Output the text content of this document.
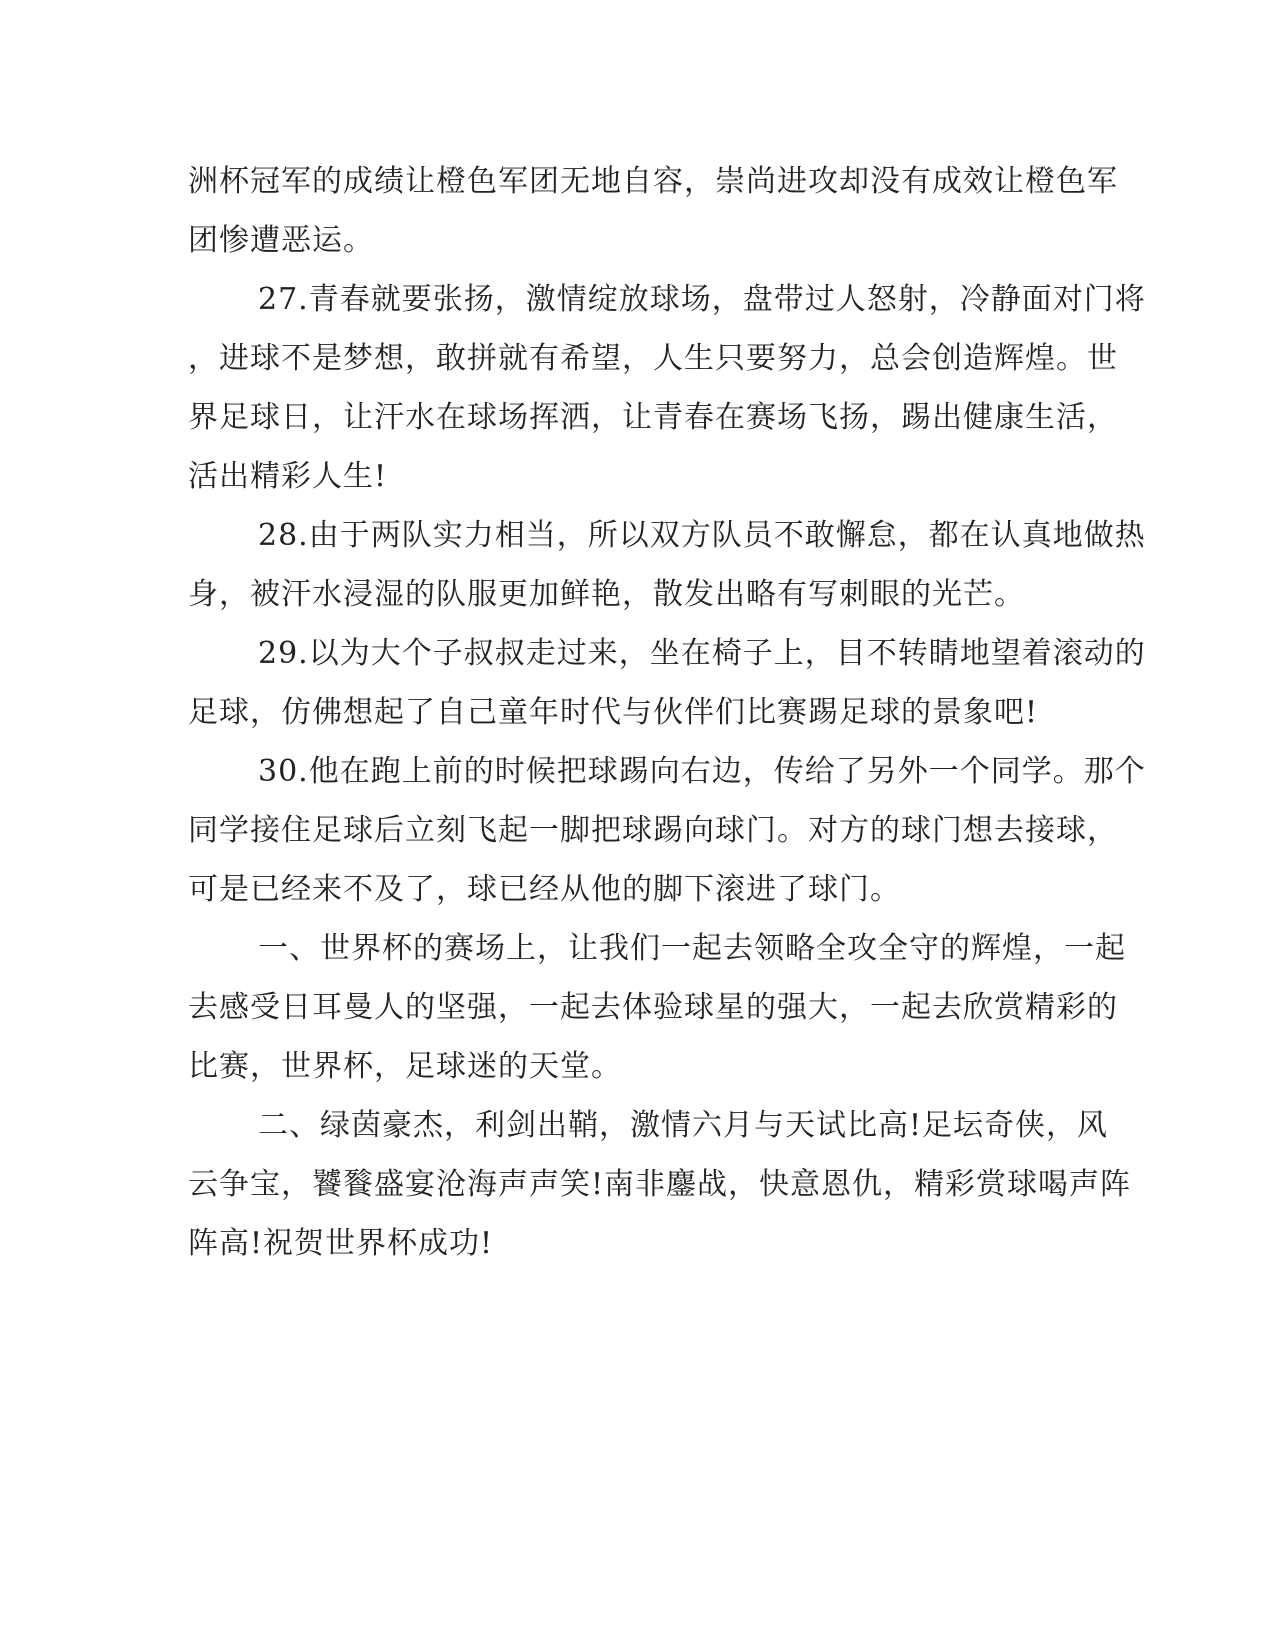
洲杯冠军的成绩让橙色军团无地自容，崇尚进攻却没有成效让橙色军
团惨遭恶运。
27.青春就要张扬，激情绽放球场，盘带过人怒射，冷静面对门将
，进球不是梦想，敢拼就有希望，人生只要努力，总会创造辉煌。世
界足球日，让汗水在球场挥洒，让青春在赛场飞扬，踢出健康生活，
活出精彩人生!
28.由于两队实力相当，所以双方队员不敢懈怠，都在认真地做热
身，被汗水浸湿的队服更加鲜艳，散发出略有写刺眼的光芒。
29.以为大个子叔叔走过来，坐在椅子上，目不转睛地望着滚动的
足球，仿佛想起了自己童年时代与伙伴们比赛踢足球的景象吧!
30.他在跑上前的时候把球踢向右边，传给了另外一个同学。那个
同学接住足球后立刻飞起一脚把球踢向球门。对方的球门想去接球，
可是已经来不及了，球已经从他的脚下滚进了球门。
一、世界杯的赛场上，让我们一起去领略全攻全守的辉煌，一起
去感受日耳曼人的坚强，一起去体验球星的强大，一起去欣赏精彩的
比赛，世界杯，足球迷的天堂。
二、绿茵豪杰，利剑出鞘，激情六月与天试比高!足坛奇侠，风
云争宝，饕餮盛宴沧海声声笑!南非鏖战，快意恩仇，精彩赏球喝声阵
阵高!祝贺世界杯成功!
